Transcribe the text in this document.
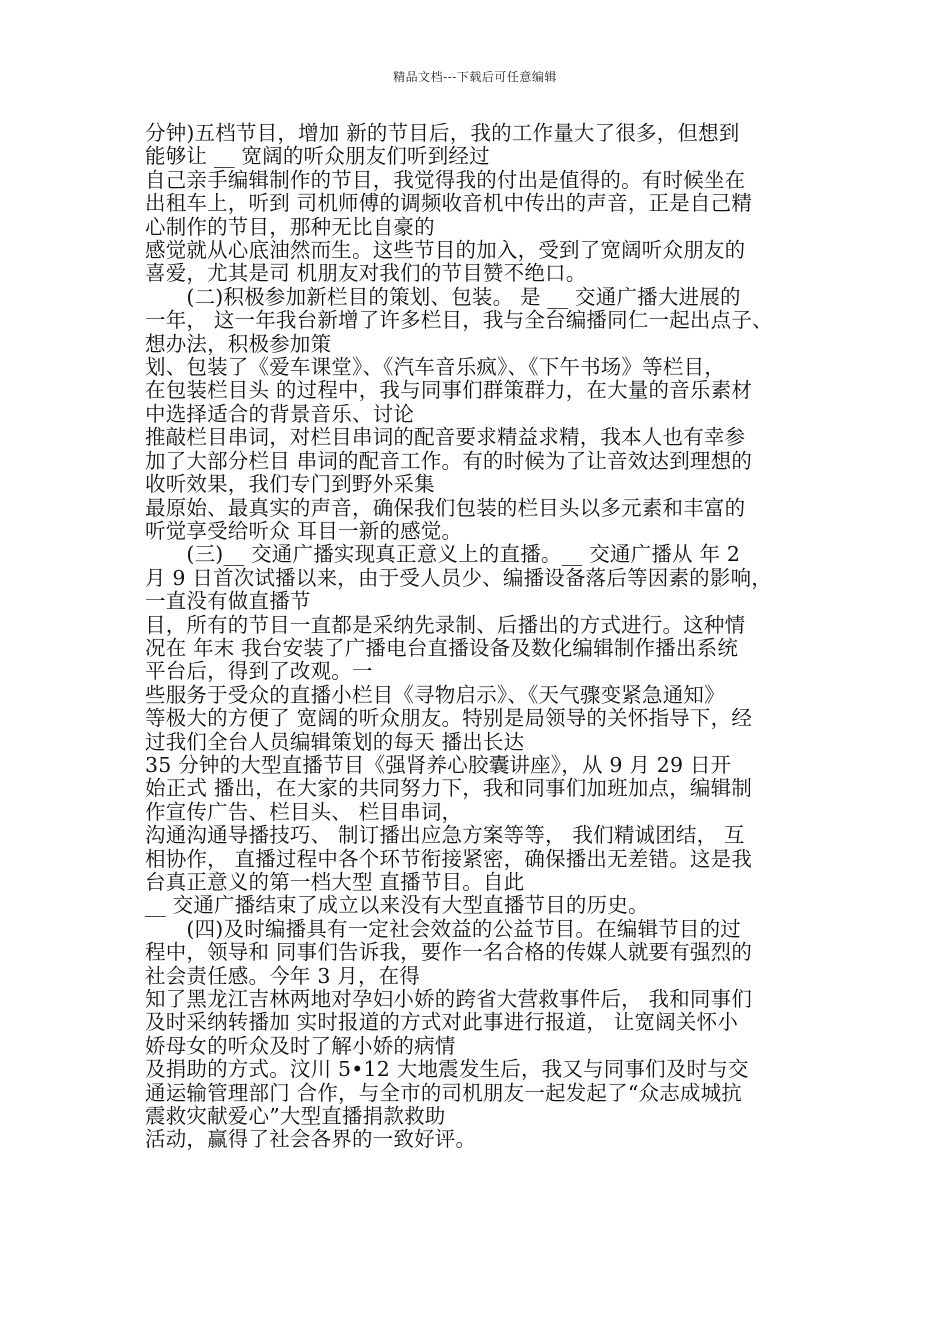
精品文档---下载后可任意编辑
分钟)五档节目，增加 新的节目后，我的工作量大了很多，但想到
能够让 __ 宽阔的听众朋友们听到经过
自己亲手编辑制作的节目，我觉得我的付出是值得的。有时候坐在
出租车上，听到 司机师傅的调频收音机中传出的声音，正是自己精
心制作的节目，那种无比自豪的
感觉就从心底油然而生。这些节目的加入，受到了宽阔听众朋友的
喜爱，尤其是司 机朋友对我们的节目赞不绝口。
　　(二)积极参加新栏目的策划、包装。 是 __ 交通广播大进展的
一年， 这一年我台新增了许多栏目，我与全台编播同仁一起出点子、
想办法，积极参加策
划、包装了《爱车课堂》、《汽车音乐疯》、《下午书场》等栏目，
在包装栏目头 的过程中，我与同事们群策群力，在大量的音乐素材
中选择适合的背景音乐、讨论
推敲栏目串词，对栏目串词的配音要求精益求精，我本人也有幸参
加了大部分栏目 串词的配音工作。有的时候为了让音效达到理想的
收听效果，我们专门到野外采集
最原始、最真实的声音，确保我们包装的栏目头以多元素和丰富的
听觉享受给听众 耳目一新的感觉。
　　(三)__ 交通广播实现真正意义上的直播。__ 交通广播从 年 2
月 9 日首次试播以来，由于受人员少、编播设备落后等因素的影响，
一直没有做直播节
目，所有的节目一直都是采纳先录制、后播出的方式进行。这种情
况在 年末 我台安装了广播电台直播设备及数化编辑制作播出系统
平台后，得到了改观。一
些服务于受众的直播小栏目《寻物启示》、《天气骤变紧急通知》
等极大的方便了 宽阔的听众朋友。特别是局领导的关怀指导下，经
过我们全台人员编辑策划的每天 播出长达
35 分钟的大型直播节目《强肾养心胶囊讲座》，从 9 月 29 日开
始正式 播出，在大家的共同努力下，我和同事们加班加点，编辑制
作宣传广告、栏目头、 栏目串词，
沟通沟通导播技巧、 制订播出应急方案等等， 我们精诚团结， 互
相协作， 直播过程中各个环节衔接紧密，确保播出无差错。这是我
台真正意义的第一档大型 直播节目。自此
__ 交通广播结束了成立以来没有大型直播节目的历史。
　　(四)及时编播具有一定社会效益的公益节目。在编辑节目的过
程中，领导和 同事们告诉我，要作一名合格的传媒人就要有强烈的
社会责任感。今年 3 月，在得
知了黑龙江吉林两地对孕妇小娇的跨省大营救事件后， 我和同事们
及时采纳转播加 实时报道的方式对此事进行报道， 让宽阔关怀小
娇母女的听众及时了解小娇的病情
及捐助的方式。汶川 5•12 大地震发生后，我又与同事们及时与交
通运输管理部门 合作，与全市的司机朋友一起发起了“众志成城抗
震救灾献爱心”大型直播捐款救助
活动，赢得了社会各界的一致好评。
